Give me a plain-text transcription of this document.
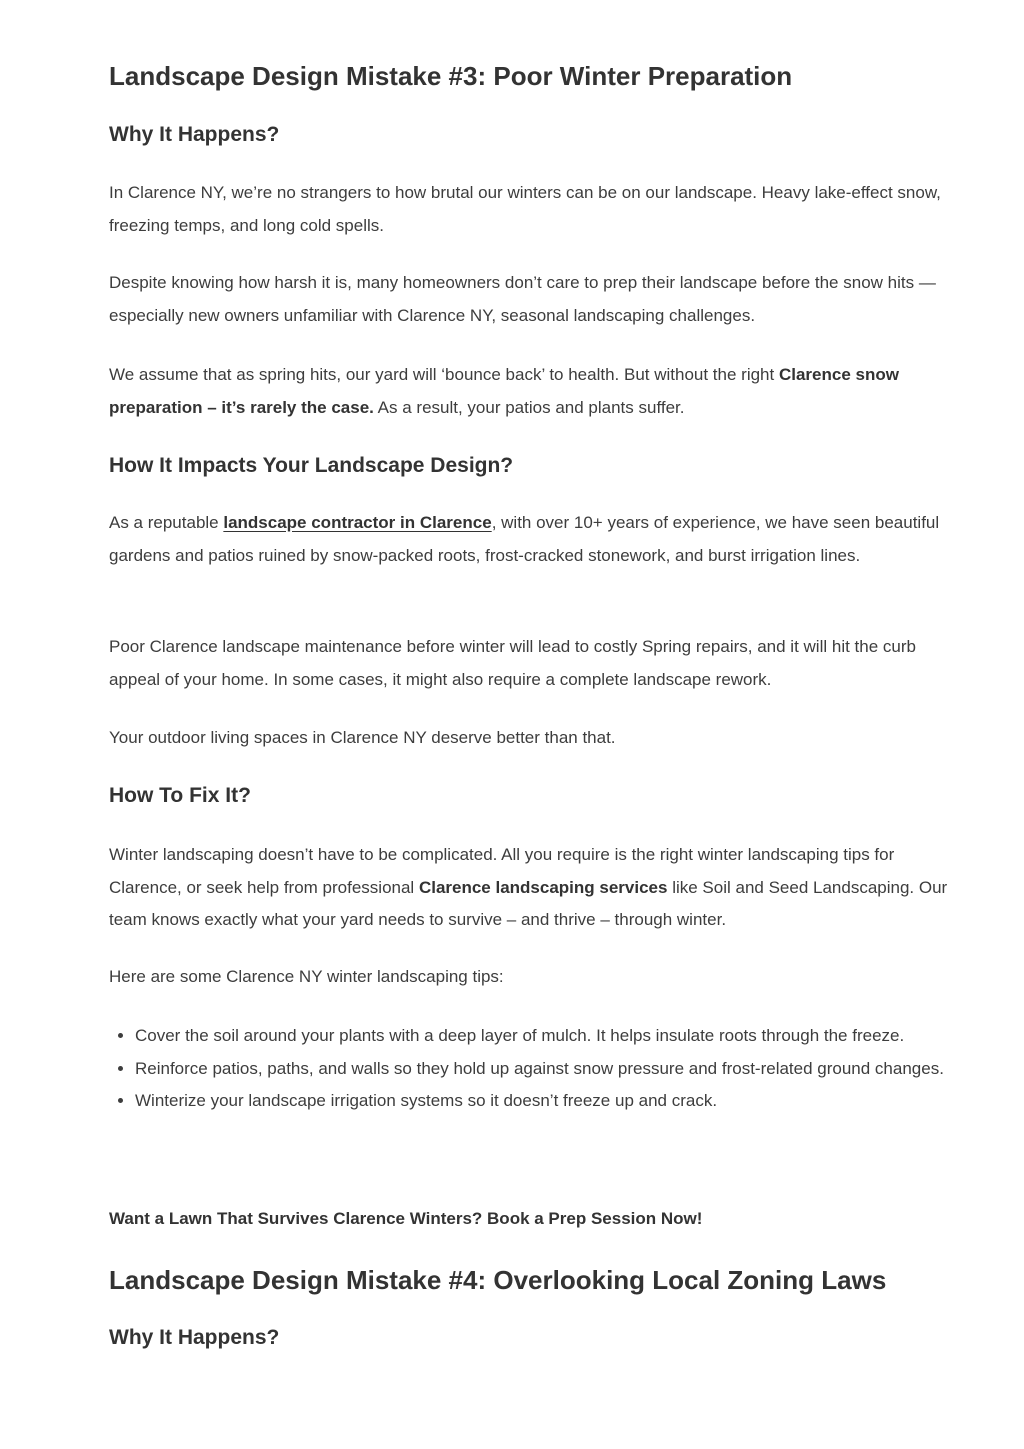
Landscape Design Mistake #3: Poor Winter Preparation
Why It Happens?

In Clarence NY, we’re no strangers to how brutal our winters can be on our landscape. Heavy lake-effect snow, freezing temps, and long cold spells.

Despite knowing how harsh it is, many homeowners don’t care to prep their landscape before the snow hits — especially new owners unfamiliar with Clarence NY, seasonal landscaping challenges.

We assume that as spring hits, our yard will ‘bounce back’ to health. But without the right Clarence snow preparation – it’s rarely the case. As a result, your patios and plants suffer.

How It Impacts Your Landscape Design?

As a reputable landscape contractor in Clarence, with over 10+ years of experience, we have seen beautiful gardens and patios ruined by snow-packed roots, frost-cracked stonework, and burst irrigation lines.

Poor Clarence landscape maintenance before winter will lead to costly Spring repairs, and it will hit the curb appeal of your home. In some cases, it might also require a complete landscape rework.

Your outdoor living spaces in Clarence NY deserve better than that.

How To Fix It?

Winter landscaping doesn’t have to be complicated. All you require is the right winter landscaping tips for Clarence, or seek help from professional Clarence landscaping services like Soil and Seed Landscaping. Our team knows exactly what your yard needs to survive – and thrive – through winter.

Here are some Clarence NY winter landscaping tips:

• Cover the soil around your plants with a deep layer of mulch. It helps insulate roots through the freeze.
• Reinforce patios, paths, and walls so they hold up against snow pressure and frost-related ground changes.
• Winterize your landscape irrigation systems so it doesn’t freeze up and crack.

Want a Lawn That Survives Clarence Winters? Book a Prep Session Now!

Landscape Design Mistake #4: Overlooking Local Zoning Laws
Why It Happens?
